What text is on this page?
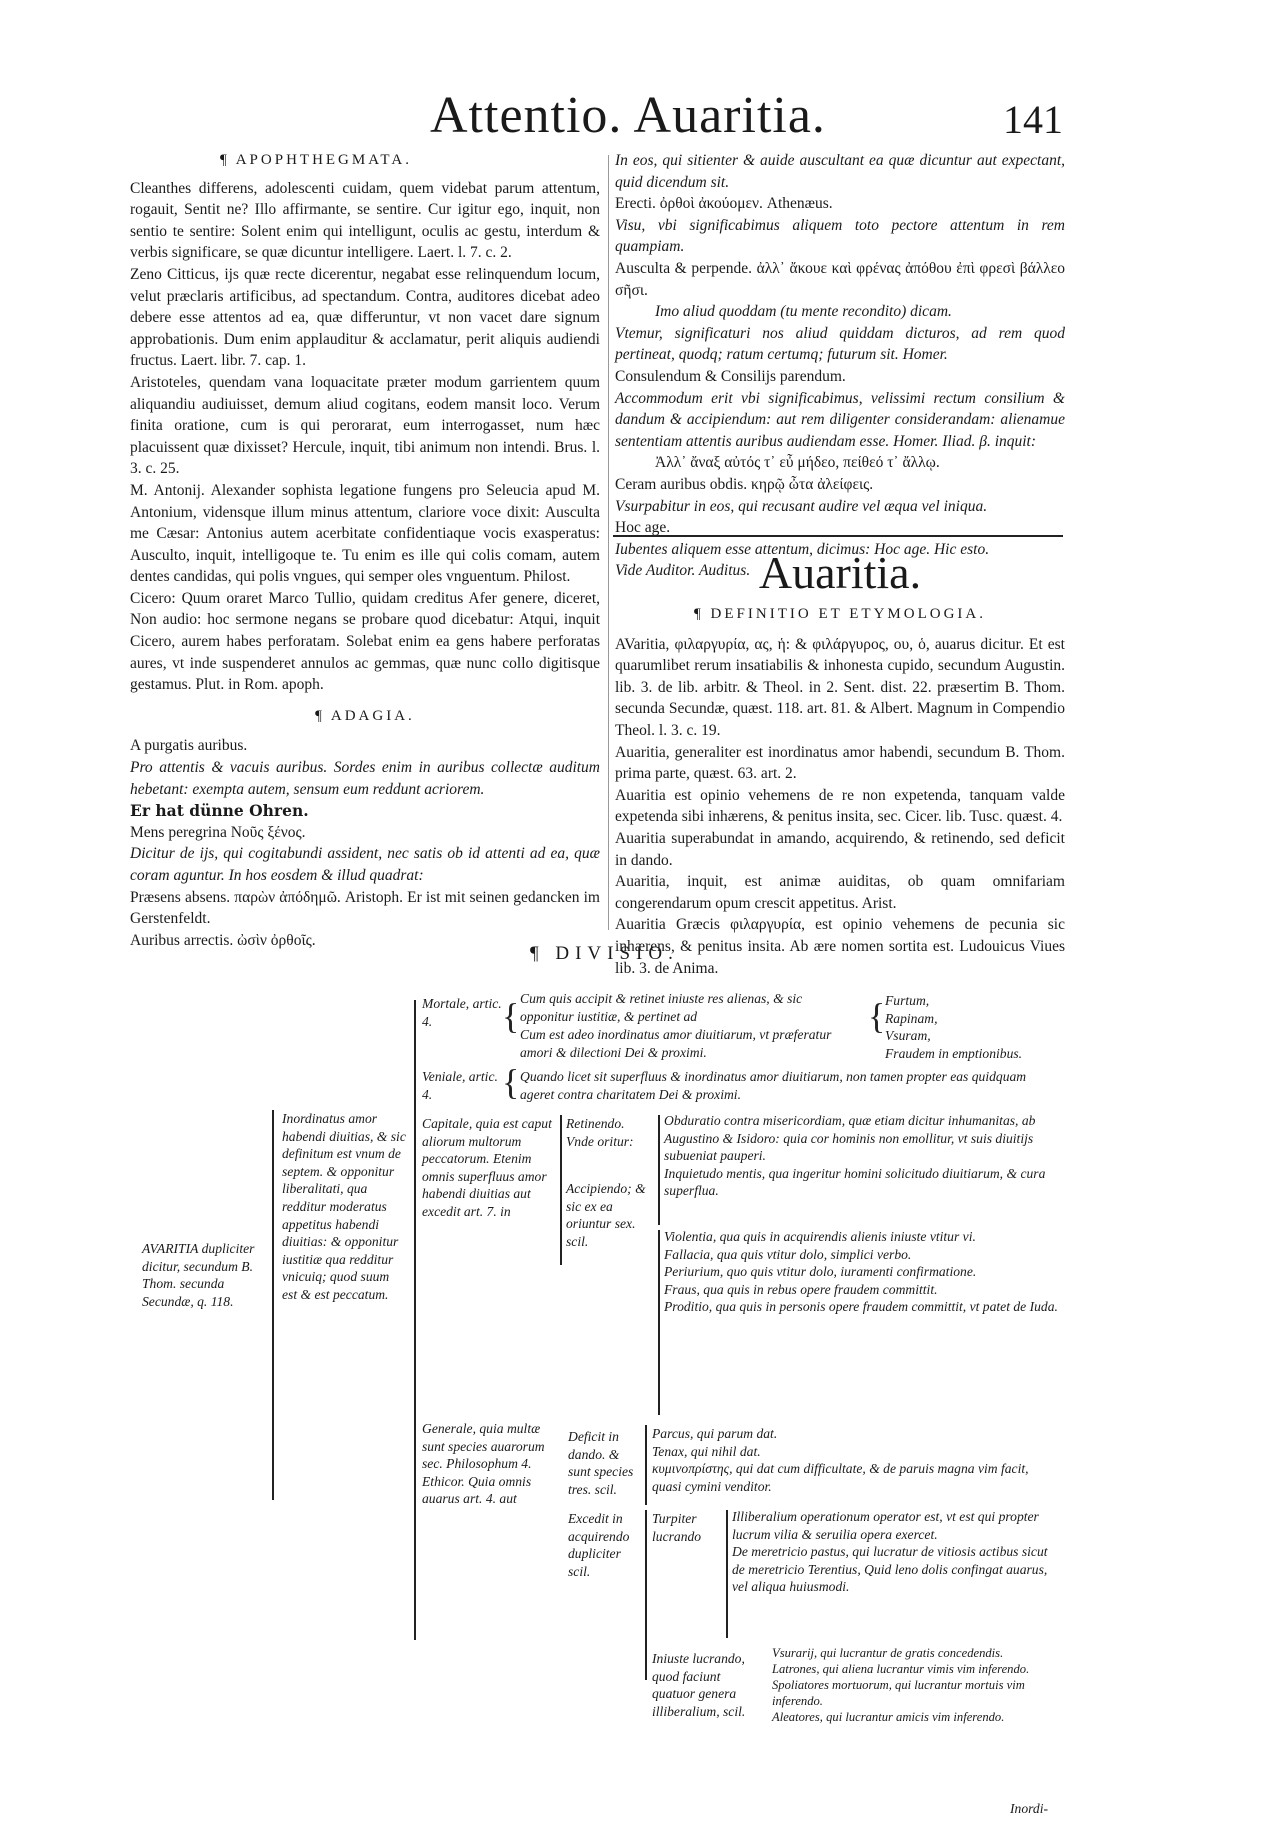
Attentio. Auaritia.	141
¶ APOPHTHEGMATA.

Cleanthes differens, adolescenti cuidam, quem videbat parum attentum, rogauit, Sentit ne? Illo affirmante, se sentire. Cur igitur ego, inquit, non sentio te sentire: Solent enim qui intelligunt, oculis ac gestu, interdum & verbis significare, se quæ dicuntur intelligere. Laert. l. 7. c. 2.

Zeno Citticus, ijs quæ recte dicerentur, negabat esse relinquendum locum, velut præclaris artificibus, ad spectandum. Contra, auditores dicebat adeo debere esse attentos ad ea, quæ differuntur, vt non vacet dare signum approbationis. Dum enim applauditur & acclamatur, perit aliquis audiendi fructus. Laert. libr. 7. cap. 1.

Aristoteles, quendam vana loquacitate præter modum garrientem quum aliquandiu audiuisset, demum aliud cogitans, eodem mansit loco. Verum finita oratione, cum is qui perorarat, eum interrogasset, num hæc placuissent quæ dixisset? Hercule, inquit, tibi animum non intendi. Brus. l. 3. c. 25.

M. Antonij. Alexander sophista legatione fungens pro Seleucia apud M. Antonium, vidensque illum minus attentum, clariore voce dixit: Ausculta me Cæsar: Antonius autem acerbitate confidentiaque vocis exasperatus: Ausculto, inquit, intelligoque te. Tu enim es ille qui colis comam, autem dentes candidas, qui polis vngues, qui semper oles vnguentum. Philost.

Cicero: Quum oraret Marco Tullio, quidam creditus Afer genere, diceret, Non audio: hoc sermone negans se probare quod dicebatur: Atqui, inquit Cicero, aurem habes perforatam. Solebat enim ea gens habere perforatas aures, vt inde suspenderet annulos ac gemmas, quæ nunc collo digitisque gestamus. Plut. in Rom. apoph.

¶ ADAGIA.

A purgatis auribus.

Pro attentis & vacuis auribus. Sordes enim in auribus collectæ auditum hebetant: exempta autem, sensum eum reddunt acriorem.

Er hat dünne Ohren.

Mens peregrina Νοῦς ξένος.

Dicitur de ijs, qui cogitabundi assident, nec satis ob id attenti ad ea, quæ coram aguntur. In hos eosdem & illud quadrat:

Præsens absens. παρὼν ἀπόδημῶ. Aristoph. Er ist mit seinen gedancken im Gerstenfeldt.

Auribus arrectis. ὠσὶν ὀρθοῖς.

In eos, qui sitienter & auide auscultant ea quæ dicuntur aut expectant, quid dicendum sit.

Erecti. ὀρθοὶ ἀκούομεν. Athenæus.

Visu, vbi significabimus aliquem toto pectore attentum in rem quampiam.

Ausculta & perpende. ἀλλ᾽ ἄκουε καὶ φρένας ἀπόθου ἐπὶ φρεσὶ βάλλεο σῆσι.

Imo aliud quoddam (tu mente recondito) dicam.

Vtemur, significaturi nos aliud quiddam dicturos, ad rem quod pertineat, quodq; ratum certumq; futurum sit. Homer.

Consulendum & Consilijs parendum.

Accommodum erit vbi significabimus, velissimi rectum consilium & dandum & accipiendum: aut rem diligenter considerandam: alienamue sententiam attentis auribus audiendam esse. Homer. Iliad. β. inquit:

Ἀλλ᾽ ἄναξ αὐτός τ᾽ εὖ μήδεο, πείθεό τ᾽ ἄλλῳ.

Ceram auribus obdis. κηρῷ ὦτα ἀλείφεις.

Vsurpabitur in eos, qui recusant audire vel æqua vel iniqua.

Hoc age.

Iubentes aliquem esse attentum, dicimus: Hoc age. Hic esto.

Vide Auditor. Auditus. Auaritia.
¶ DEFINITIO ET ETYMOLOGIA.

AVaritia, φιλαργυρία, ας, ἡ: & φιλάργυρος, ου, ὁ, auarus dicitur. Et est quarumlibet rerum insatiabilis & inhonesta cupido, secundum Augustin. lib. 3. de lib. arbitr. & Theol. in 2. Sent. dist. 22. præsertim B. Thom. secunda Secundæ, quæst. 118. art. 81. & Albert. Magnum in Compendio Theol. l. 3. c. 19.

Auaritia, generaliter est inordinatus amor habendi, secundum B. Thom. prima parte, quæst. 63. art. 2.

Auaritia est opinio vehemens de re non expetenda, tanquam valde expetenda sibi inhærens, & penitus insita, sec. Cicer. lib. Tusc. quæst. 4.

Auaritia superabundat in amando, acquirendo, & retinendo, sed deficit in dando.

Auaritia, inquit, est animæ auiditas, ob quam omnifariam congerendarum opum crescit appetitus. Arist.

Auaritia Græcis φιλαργυρία, est opinio vehemens de pecunia sic inhærens, & penitus insita. Ab ære nomen sortita est. Ludouicus Viues lib. 3. de Anima.

¶ DIVISIO.
AVARITIA dupliciter dicitur, secundum B. Thom. secunda Secundæ, q. 118.
Inordinatus amor habendi diuitias, & sic definitum est vnum de septem. & opponitur liberalitati, qua redditur moderatus appetitus habendi diuitias: & opponitur iustitiæ qua redditur vnicuiq; quod suum est & est peccatum.
Mortale, artic. 4.	{ Cum quis accipit & retinet iniuste res alienas, & sic opponitur iustitiæ, & pertinet ad
Cum est adeo inordinatus amor diuitiarum, vt præferatur amori & dilectioni Dei & proximi.
{ Furtum,
Rapinam,
Vsuram,
Fraudem in emptionibus.
Veniale, artic. 4.	{ Quando licet sit superfluus & inordinatus amor diuitiarum, non tamen propter eas quidquam ageret contra charitatem Dei & proximi.
Capitale, quia est caput aliorum multorum peccatorum. Etenim omnis superfluus amor habendi diuitias aut excedit art. 7. in
Retinendo. Vnde oritur:
Accipiendo; & sic ex ea oriuntur sex. scil.
Obduratio contra misericordiam, quæ etiam dicitur inhumanitas, ab Augustino & Isidoro: quia cor hominis non emollitur, vt suis diuitijs subueniat pauperi.
Inquietudo mentis, qua ingeritur homini solicitudo diuitiarum, & cura superflua.
Violentia, qua quis in acquirendis alienis iniuste vtitur vi.
Fallacia, qua quis vtitur dolo, simplici verbo.
Periurium, quo quis vtitur dolo, iuramenti confirmatione.
Fraus, qua quis in rebus opere fraudem committit.
Proditio, qua quis in personis opere fraudem committit, vt patet de Iuda.
Deficit in dando. & sunt species tres. scil.
Parcus, qui parum dat.
Tenax, qui nihil dat.
κυμινοπρίστης, qui dat cum difficultate, & de paruis magna vim facit, quasi cymini venditor.
Generale, quia multæ sunt species auarorum sec. Philosophum 4. Ethicor. Quia omnis auarus art. 4. aut
Excedit in acquirendo dupliciter scil.
Turpiter lucrando
Illiberalium operationum operator est, vt est qui propter lucrum vilia & seruilia opera exercet.
De meretricio pastus, qui lucratur de vitiosis actibus sicut de meretricio Terentius, Quid leno dolis confingat auarus, vel aliqua huiusmodi.
Iniuste lucrando, quod faciunt quatuor genera illiberalium, scil.
Vsurarij, qui lucrantur de gratis concedendis.
Latrones, qui aliena lucrantur vimis vim inferendo.
Spoliatores mortuorum, qui lucrantur mortuis vim inferendo.
Aleatores, qui lucrantur amicis vim inferendo.
Inordi-
